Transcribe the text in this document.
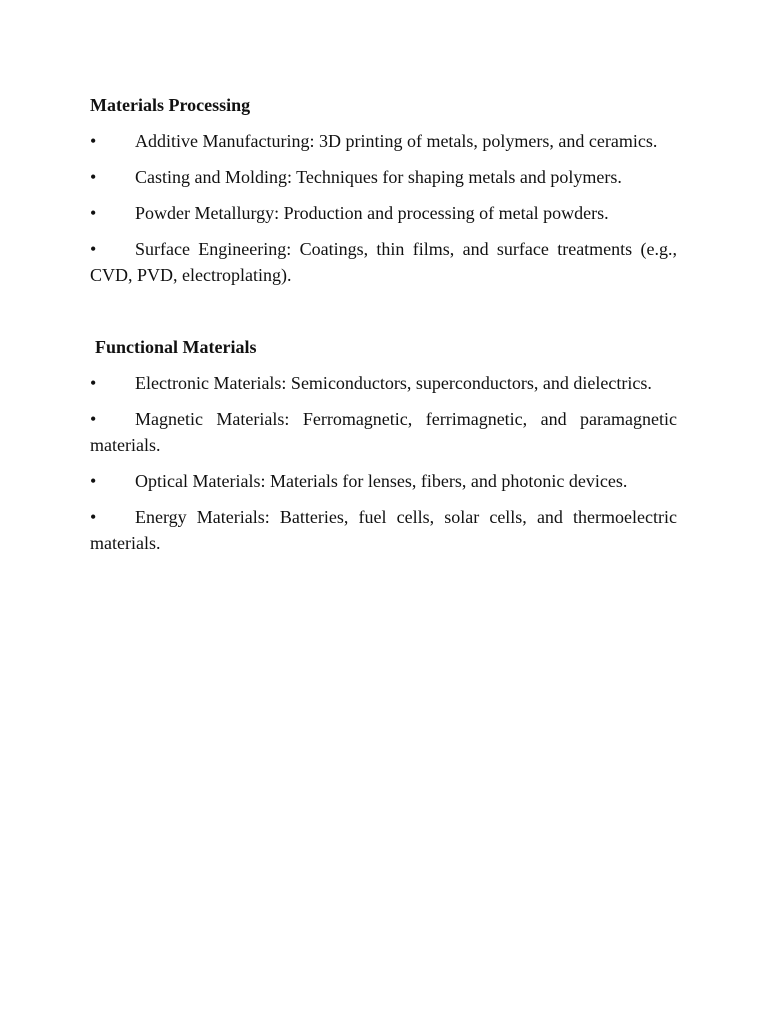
Materials Processing
• Additive Manufacturing: 3D printing of metals, polymers, and ceramics.
• Casting and Molding: Techniques for shaping metals and polymers.
• Powder Metallurgy: Production and processing of metal powders.
• Surface Engineering: Coatings, thin films, and surface treatments (e.g., CVD, PVD, electroplating).
Functional Materials
• Electronic Materials: Semiconductors, superconductors, and dielectrics.
• Magnetic Materials: Ferromagnetic, ferrimagnetic, and paramagnetic materials.
• Optical Materials: Materials for lenses, fibers, and photonic devices.
• Energy Materials: Batteries, fuel cells, solar cells, and thermoelectric materials.
